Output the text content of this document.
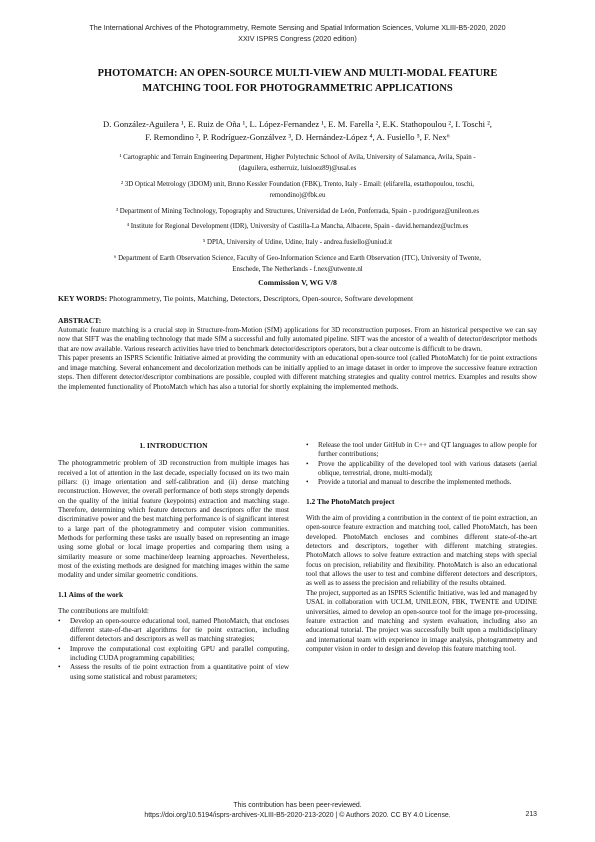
The International Archives of the Photogrammetry, Remote Sensing and Spatial Information Sciences, Volume XLIII-B5-2020, 2020
XXIV ISPRS Congress (2020 edition)
PHOTOMATCH: AN OPEN-SOURCE MULTI-VIEW AND MULTI-MODAL FEATURE
MATCHING TOOL FOR PHOTOGRAMMETRIC APPLICATIONS
D. González-Aguilera ¹, E. Ruiz de Oña ¹, L. López-Fernandez ¹, E. M. Farella ², E.K. Stathopoulou ², I. Toschi ²,
F. Remondino ², P. Rodríguez-Gonzálvez ³, D. Hernández-López ⁴, A. Fusiello ⁵, F. Nex⁶

¹ Cartographic and Terrain Engineering Department, Higher Polytechnic School of Avila, University of Salamanca, Avila, Spain -
(daguilera, estherruiz, luisloez89)@usal.es

² 3D Optical Metrology (3DOM) unit, Bruno Kessler Foundation (FBK), Trento, Italy - Email: (elifarella, estathopoulou, toschi,
remondino)@fbk.eu

³ Department of Mining Technology, Topography and Structures, Universidad de León, Ponferrada, Spain - p.rodriguez@unileon.es

⁴ Institute for Regional Development (IDR), University of Castilla-La Mancha, Albacete, Spain - david.hernandez@uclm.es

⁵ DPIA, University of Udine, Udine, Italy - andrea.fusiello@uniud.it

⁶ Department of Earth Observation Science, Faculty of Geo-Information Science and Earth Observation (ITC), University of Twente,
Enschede, The Netherlands - f.nex@utwente.nl

Commission V, WG V/8
KEY WORDS: Photogrammetry, Tie points, Matching, Detectors, Descriptors, Open-source, Software development
ABSTRACT:

Automatic feature matching is a crucial step in Structure-from-Motion (SfM) applications for 3D reconstruction purposes. From an historical perspective we can say now that SIFT was the enabling technology that made SfM a successful and fully automated pipeline. SIFT was the ancestor of a wealth of detector/descriptor methods that are now available. Various research activities have tried to benchmark detector/descriptors operators, but a clear outcome is difficult to be drawn.

This paper presents an ISPRS Scientific Initiative aimed at providing the community with an educational open-source tool (called PhotoMatch) for tie point extractions and image matching. Several enhancement and decolorization methods can be initially applied to an image dataset in order to improve the successive feature extraction steps. Then different detector/descriptor combinations are possible, coupled with different matching strategies and quality control metrics. Examples and results show the implemented functionality of PhotoMatch which has also a tutorial for shortly explaining the implemented methods.

1. INTRODUCTION

The photogrammetric problem of 3D reconstruction from multiple images has received a lot of attention in the last decade, especially focused on its two main pillars: (i) image orientation and self-calibration and (ii) dense matching reconstruction. However, the overall performance of both steps strongly depends on the quality of the initial feature (keypoints) extraction and matching stage. Therefore, determining which feature detectors and descriptors offer the most discriminative power and the best matching performance is of significant interest to a large part of the photogrammetry and computer vision communities. Methods for performing these tasks are usually based on representing an image using some global or local image properties and comparing them using a similarity measure or some machine/deep learning approaches. Nevertheless, most of the existing methods are designed for matching images within the same modality and under similar geometric conditions.

1.1 Aims of the work

The contributions are multifold:

• Develop an open-source educational tool, named PhotoMatch, that encloses different state-of-the-art algorithms for tie point extraction, including different detectors and descriptors as well as matching strategies;
• Improve the computational cost exploiting GPU and parallel computing, including CUDA programming capabilities;
• Assess the results of tie point extraction from a quantitative point of view using some statistical and robust parameters;
• Release the tool under GitHub in C++ and QT languages to allow people for further contributions;
• Prove the applicability of the developed tool with various datasets (aerial oblique, terrestrial, drone, multi-modal);
• Provide a tutorial and manual to describe the implemented methods.
1.2 The PhotoMatch project

With the aim of providing a contribution in the context of tie point extraction, an open-source feature extraction and matching tool, called PhotoMatch, has been developed. PhotoMatch encloses and combines different state-of-the-art detectors and descriptors, together with different matching strategies. PhotoMatch allows to solve feature extraction and matching steps with special focus on precision, reliability and flexibility. PhotoMatch is also an educational tool that allows the user to test and combine different detectors and descriptors, as well as to assess the precision and reliability of the results obtained.

The project, supported as an ISPRS Scientific Initiative, was led and managed by USAL in collaboration with UCLM, UNILEON, FBK, TWENTE and UDINE universities, aimed to develop an open-source tool for the image pre-processing, feature extraction and matching and system evaluation, including also an educational tutorial. The project was successfully built upon a multidisciplinary and international team with experience in image analysis, photogrammetry and computer vision in order to design and develop this feature matching tool.

This contribution has been peer-reviewed.
https://doi.org/10.5194/isprs-archives-XLIII-B5-2020-213-2020 | © Authors 2020. CC BY 4.0 License.	213
